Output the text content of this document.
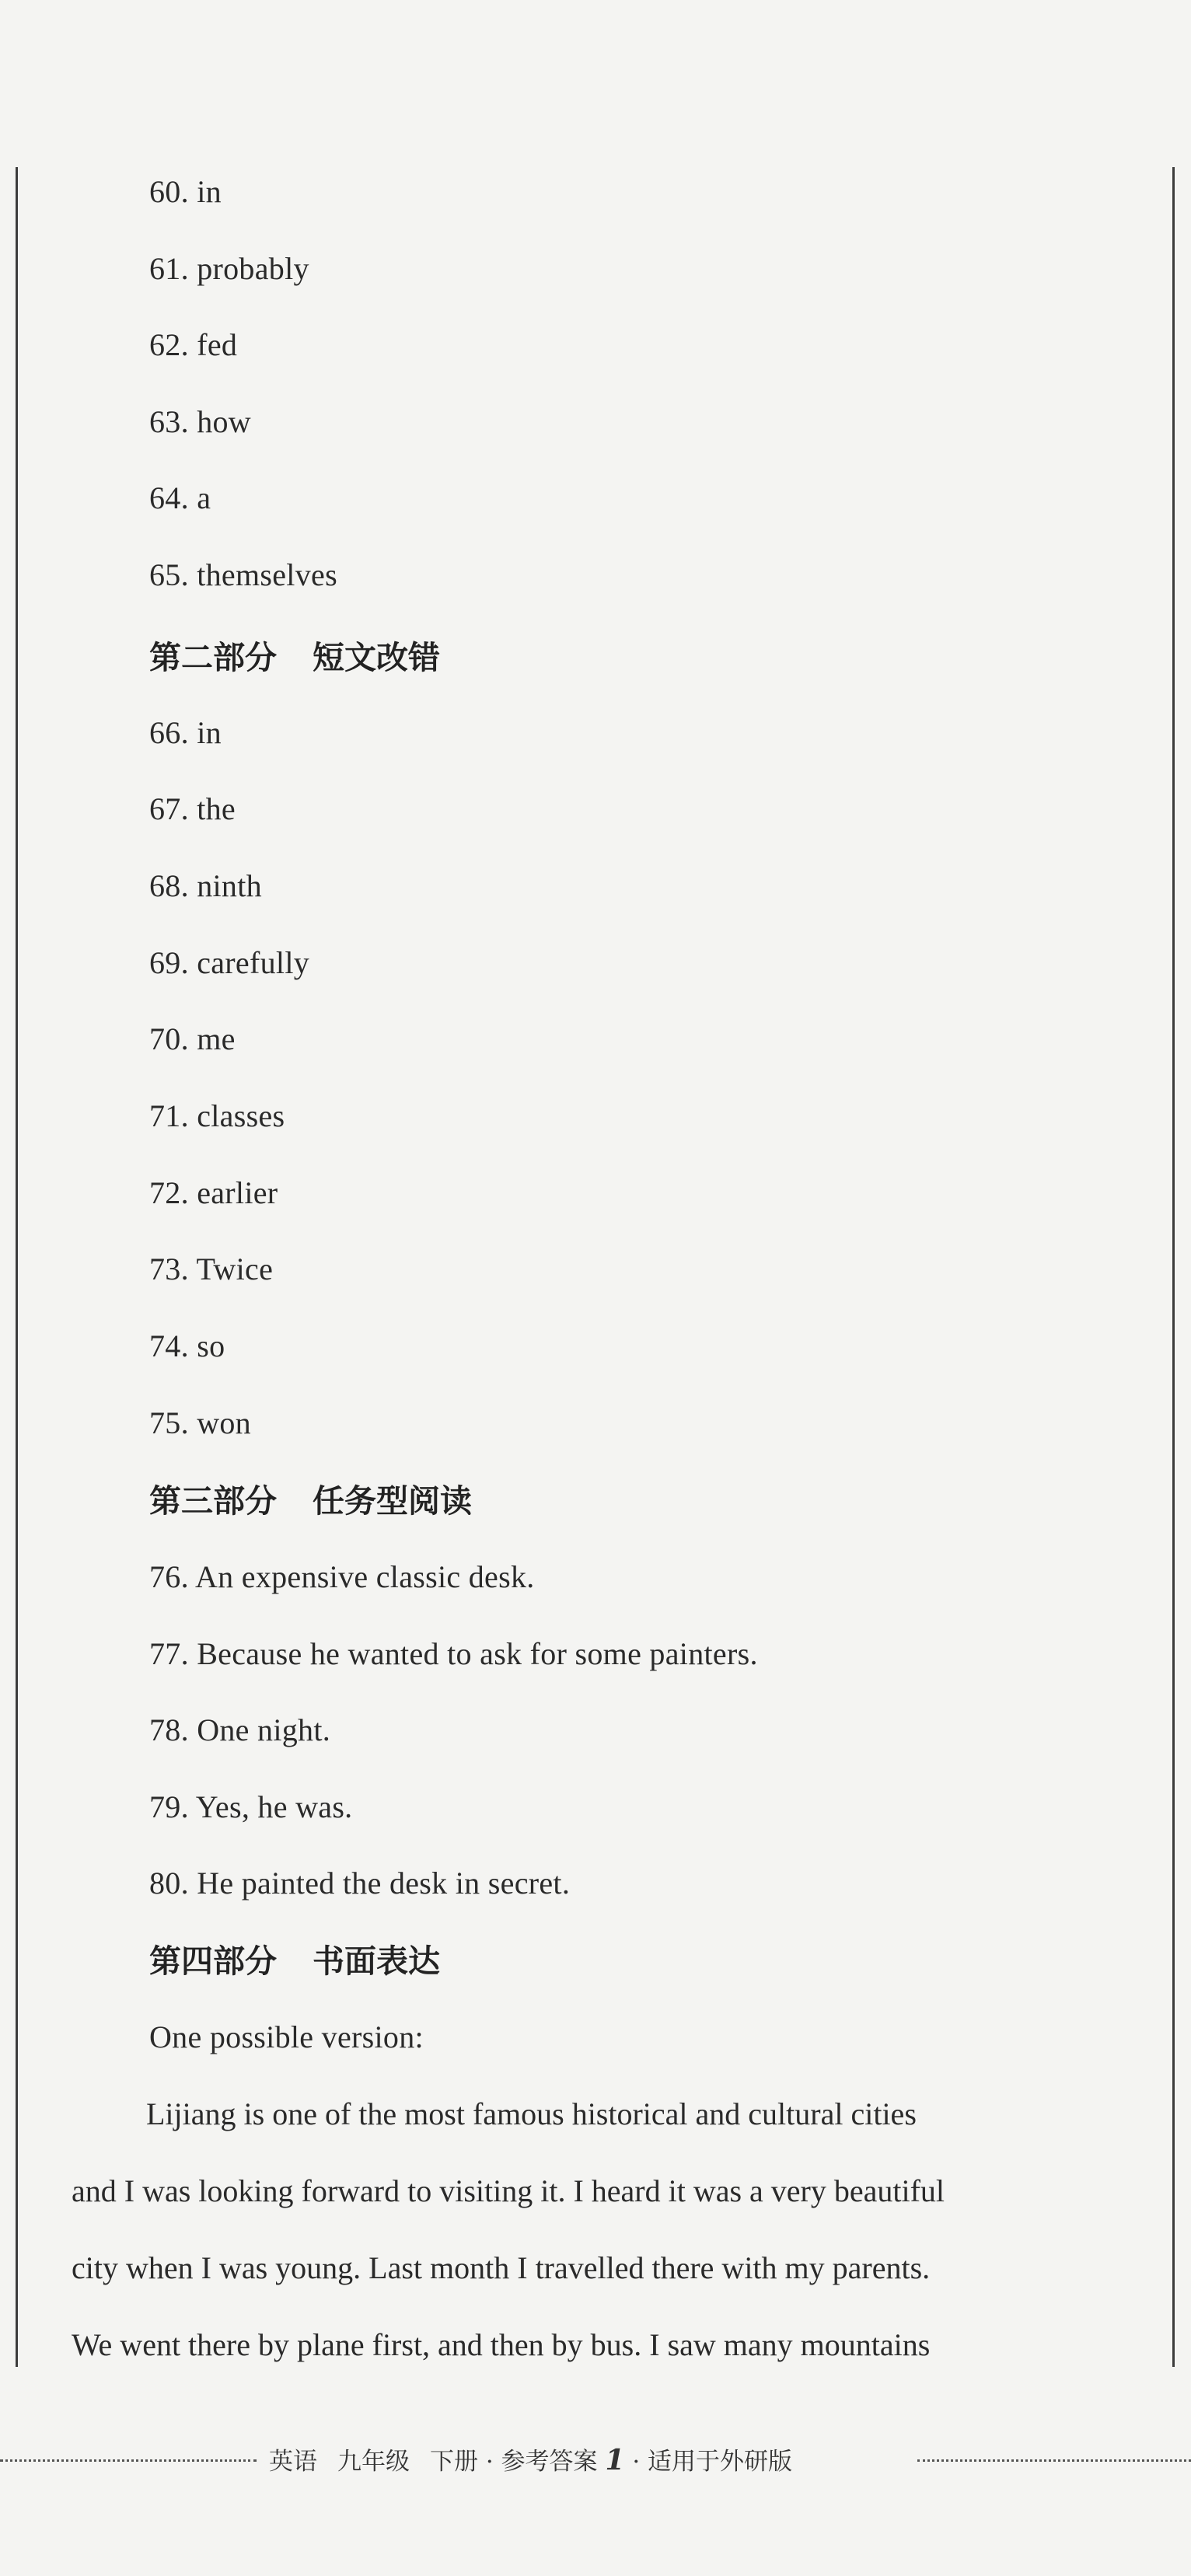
60. in
61. probably
62. fed
63. how
64. a
65. themselves
第二部分 短文改错
66. in
67. the
68. ninth
69. carefully
70. me
71. classes
72. earlier
73. Twice
74. so
75. won
第三部分 任务型阅读
76. An expensive classic desk.
77. Because he wanted to ask for some painters.
78. One night.
79. Yes, he was.
80. He painted the desk in secret.
第四部分 书面表达
One possible version:
Lijiang is one of the most famous historical and cultural cities
and I was looking forward to visiting it. I heard it was a very beautiful
city when I was young. Last month I travelled there with my parents.
We went there by plane first, and then by bus. I saw many mountains
英语 九年级 下册 · 参考答案 1 · 适用于外研版
